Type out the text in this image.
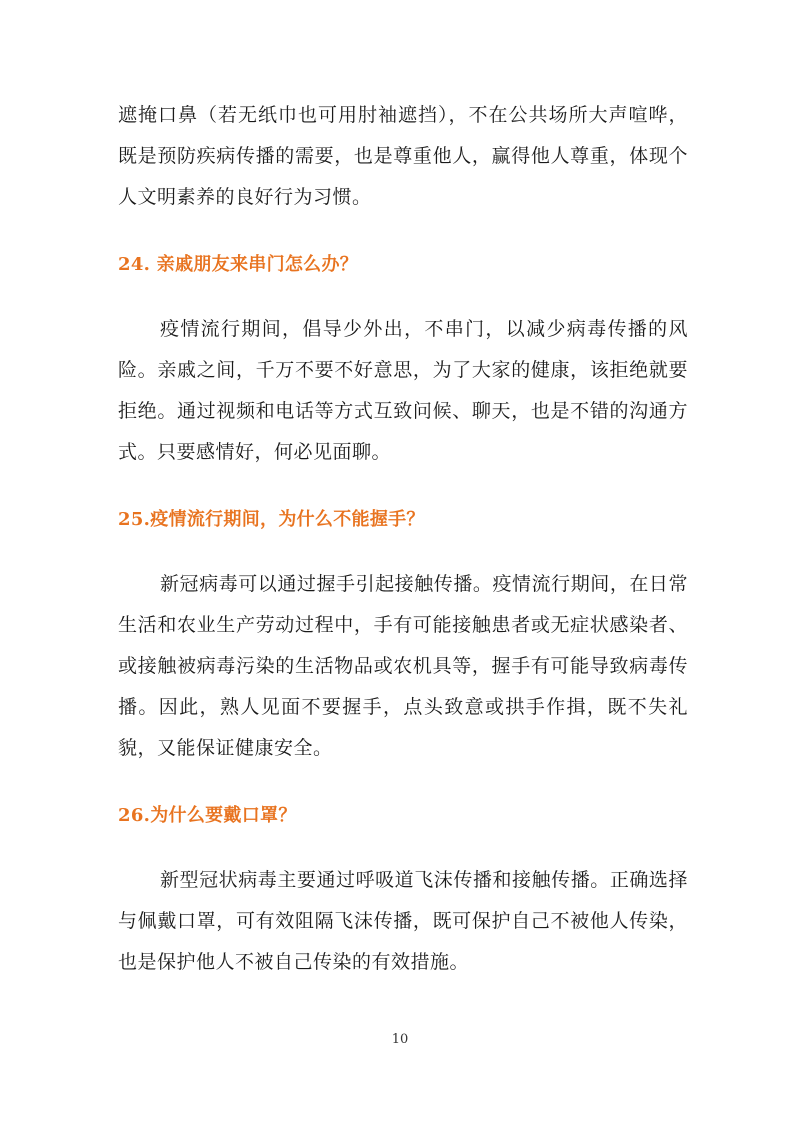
遮掩口鼻（若无纸巾也可用肘袖遮挡），不在公共场所大声喧哗，既是预防疾病传播的需要，也是尊重他人，赢得他人尊重，体现个人文明素养的良好行为习惯。

24. 亲戚朋友来串门怎么办？

疫情流行期间，倡导少外出，不串门，以减少病毒传播的风险。亲戚之间，千万不要不好意思，为了大家的健康，该拒绝就要拒绝。通过视频和电话等方式互致问候、聊天，也是不错的沟通方式。只要感情好，何必见面聊。

25.疫情流行期间，为什么不能握手？

新冠病毒可以通过握手引起接触传播。疫情流行期间，在日常生活和农业生产劳动过程中，手有可能接触患者或无症状感染者、或接触被病毒污染的生活物品或农机具等，握手有可能导致病毒传播。因此，熟人见面不要握手，点头致意或拱手作揖，既不失礼貌，又能保证健康安全。

26.为什么要戴口罩？

新型冠状病毒主要通过呼吸道飞沫传播和接触传播。正确选择与佩戴口罩，可有效阻隔飞沫传播，既可保护自己不被他人传染，也是保护他人不被自己传染的有效措施。

10
